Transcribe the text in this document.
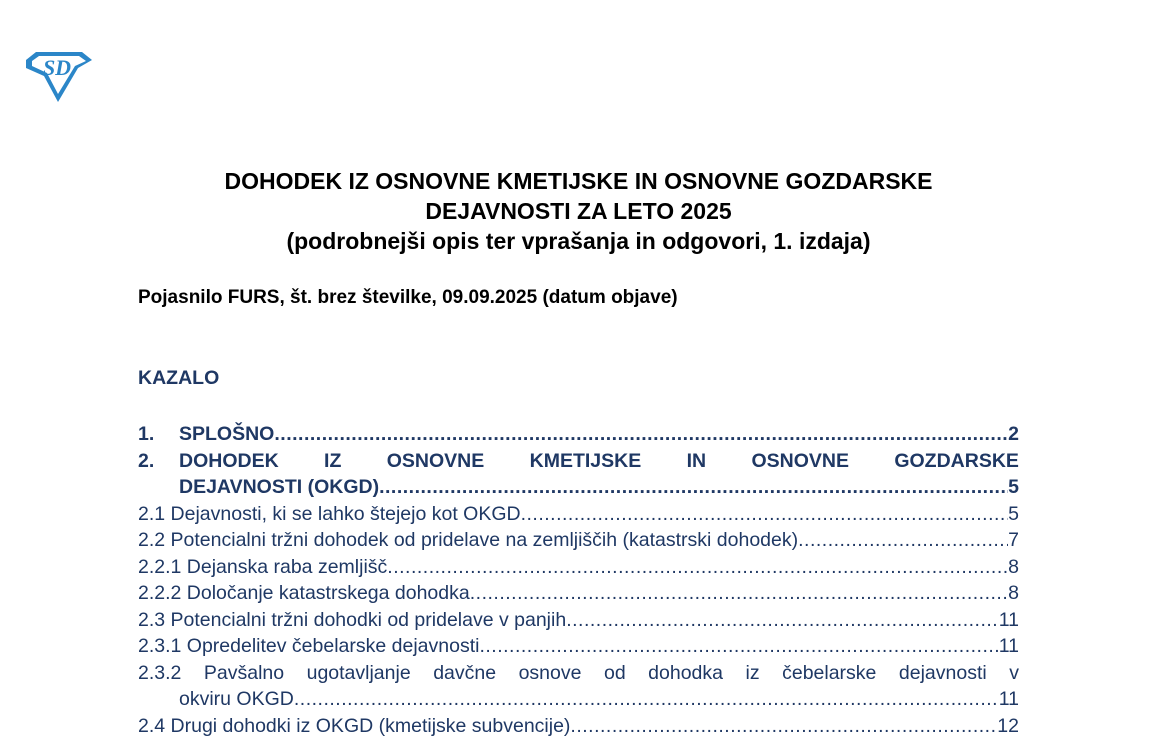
SD
DOHODEK IZ OSNOVNE KMETIJSKE IN OSNOVNE GOZDARSKE
DEJAVNOSTI ZA LETO 2025
(podrobnejši opis ter vprašanja in odgovori, 1. izdaja)
Pojasnilo FURS, št. brez številke, 09.09.2025 (datum objave)
KAZALO
1.	SPLOŠNO .....	2
2.	DOHODEK IZ OSNOVNE KMETIJSKE IN OSNOVNE GOZDARSKE
DEJAVNOSTI (OKGD) .....	5
2.1 Dejavnosti, ki se lahko štejejo kot OKGD .....	5
2.2 Potencialni tržni dohodek od pridelave na zemljiščih (katastrski dohodek) .....	7
2.2.1 Dejanska raba zemljišč .....	8
2.2.2 Določanje katastrskega dohodka .....	8
2.3 Potencialni tržni dohodki od pridelave v panjih .....	11
2.3.1 Opredelitev čebelarske dejavnosti .....	11
2.3.2 Pavšalno ugotavljanje davčne osnove od dohodka iz čebelarske dejavnosti v
okviru OKGD .....	11
2.4 Drugi dohodki iz OKGD (kmetijske subvencije) .....	12
